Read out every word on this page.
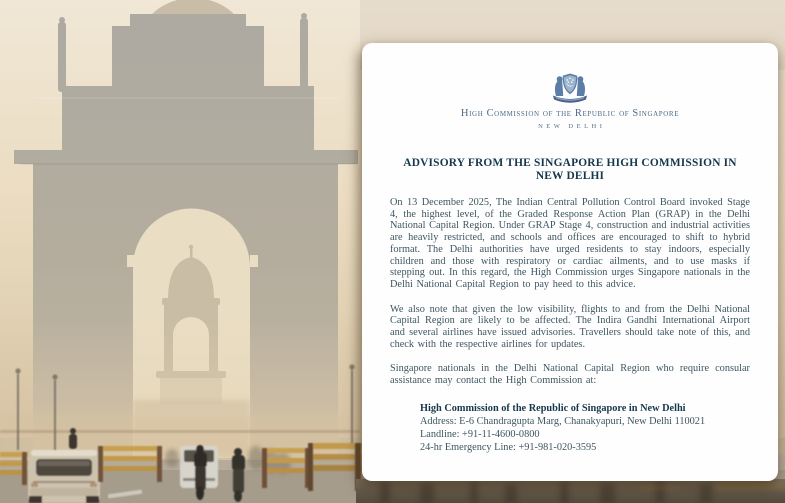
High Commission of the Republic of Singapore
NEW DELHI
ADVISORY FROM THE SINGAPORE HIGH COMMISSION IN NEW DELHI

On 13 December 2025, The Indian Central Pollution Control Board invoked Stage 4, the highest level, of the Graded Response Action Plan (GRAP) in the Delhi National Capital Region. Under GRAP Stage 4, construction and industrial activities are heavily restricted, and schools and offices are encouraged to shift to hybrid format. The Delhi authorities have urged residents to stay indoors, especially children and those with respiratory or cardiac ailments, and to use masks if stepping out. In this regard, the High Commission urges Singapore nationals in the Delhi National Capital Region to pay heed to this advice.

We also note that given the low visibility, flights to and from the Delhi National Capital Region are likely to be affected. The Indira Gandhi International Airport and several airlines have issued advisories. Travellers should take note of this, and check with the respective airlines for updates.

Singapore nationals in the Delhi National Capital Region who require consular assistance may contact the High Commission at:

High Commission of the Republic of Singapore in New Delhi
Address: E-6 Chandragupta Marg, Chanakyapuri, New Delhi 110021
Landline: +91-11-4600-0800
24-hr Emergency Line: +91-981-020-3595
